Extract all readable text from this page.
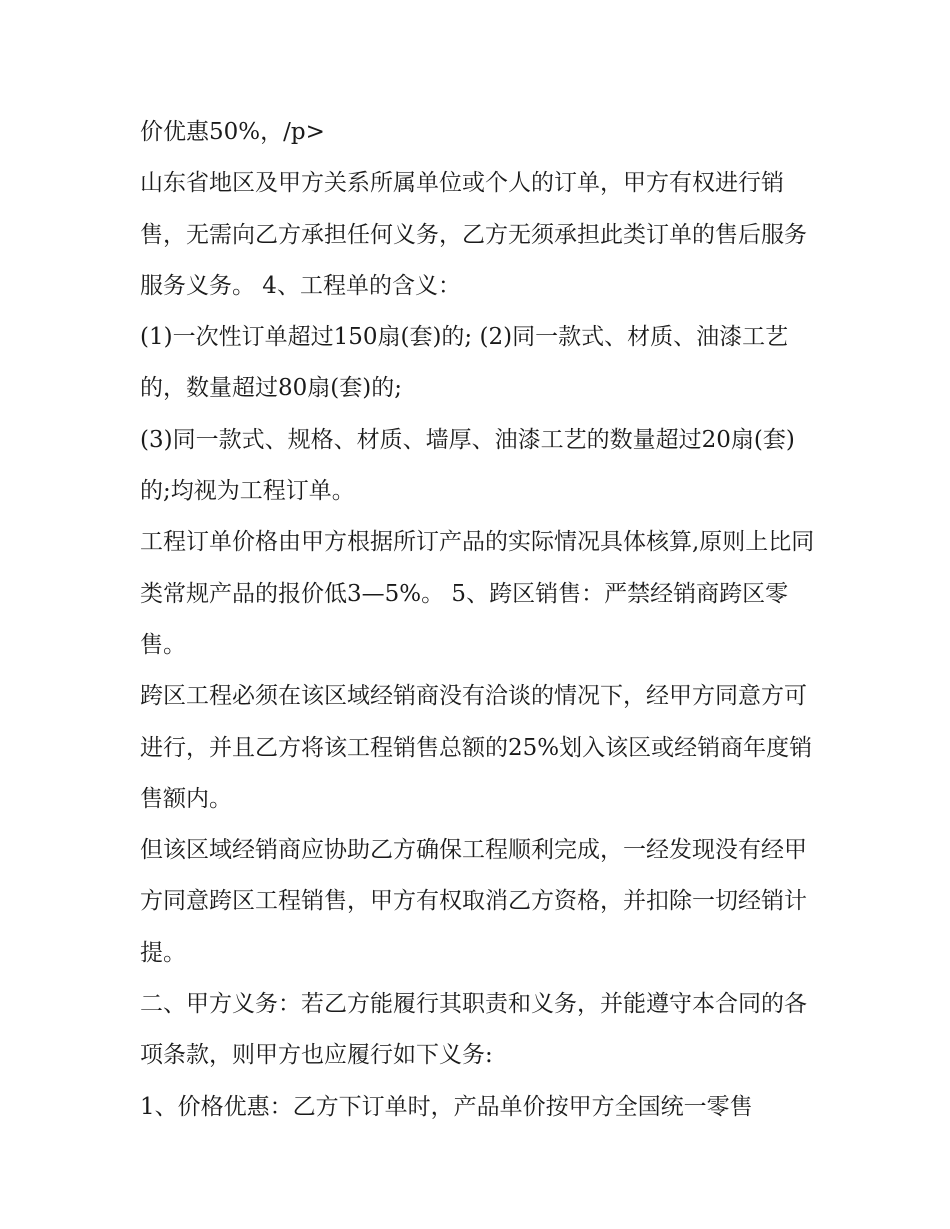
价优惠50%，/p>

山东省地区及甲方关系所属单位或个人的订单，甲方有权进行销售，无需向乙方承担任何义务，乙方无须承担此类订单的售后服务服务义务。 4、工程单的含义：

(1)一次性订单超过150扇(套)的; (2)同一款式、材质、油漆工艺的，数量超过80扇(套)的;

(3)同一款式、规格、材质、墙厚、油漆工艺的数量超过20扇(套)的;均视为工程订单。

工程订单价格由甲方根据所订产品的实际情况具体核算,原则上比同类常规产品的报价低3—5%。 5、跨区销售：严禁经销商跨区零售。

跨区工程必须在该区域经销商没有洽谈的情况下，经甲方同意方可进行，并且乙方将该工程销售总额的25%划入该区或经销商年度销售额内。

但该区域经销商应协助乙方确保工程顺利完成，一经发现没有经甲方同意跨区工程销售，甲方有权取消乙方资格，并扣除一切经销计提。

二、甲方义务：若乙方能履行其职责和义务，并能遵守本合同的各项条款，则甲方也应履行如下义务:

1、价格优惠：乙方下订单时，产品单价按甲方全国统一零售
